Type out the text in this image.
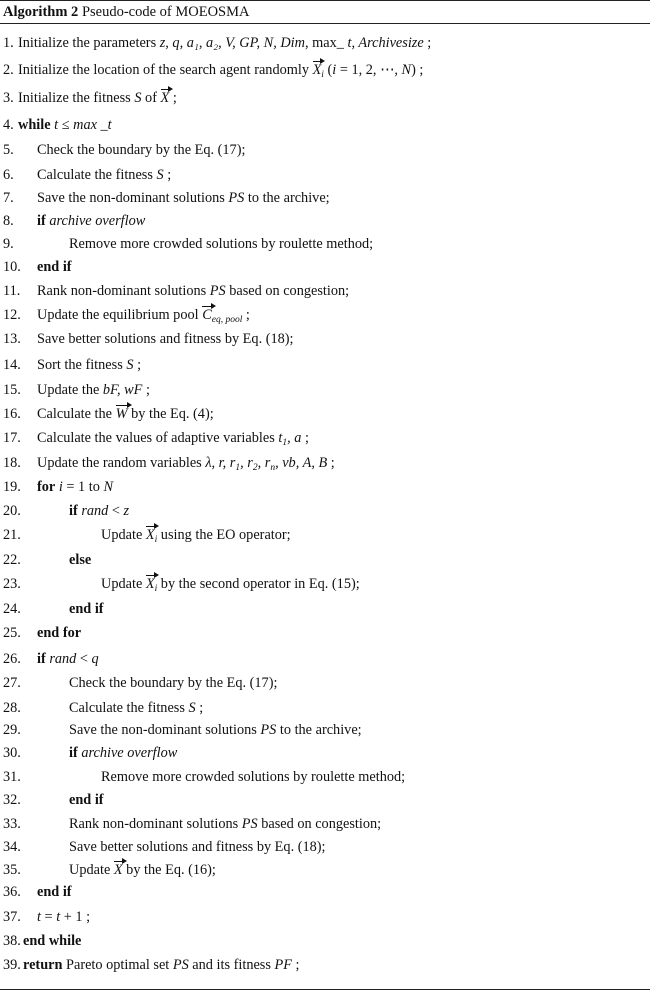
Algorithm 2 Pseudo-code of MOEOSMA
1. Initialize the parameters z, q, a₁, a₂, V, GP, N, Dim, max_ t, Archivesize ;
2. Initialize the location of the search agent randomly $X_i$ (i = 1, 2, ⋯, N) ;
3. Initialize the fitness S of X ;
4. while t ≤ max _t
5. Check the boundary by the Eq. (17);
6. Calculate the fitness S ;
7. Save the non-dominant solutions PS to the archive;
8. if archive overflow
9.	Remove more crowded solutions by roulette method;
10. end if
11. Rank non-dominant solutions PS based on congestion;
12. Update the equilibrium pool $C_{eq, pool}$ ;
13. Save better solutions and fitness by Eq. (18);
14. Sort the fitness S ;
15. Update the bF, wF ;
16. Calculate the W by the Eq. (4);
17. Calculate the values of adaptive variables $t_1$, a ;
18. Update the random variables λ, r, $r_1$, $r_2$, $r_n$, vb, A, B ;
19. for i = 1 to N
20.	if rand < z
21.	Update $X_i$ using the EO operator;
22.	else
23.	Update $X_i$ by the second operator in Eq. (15);
24.	end if
25. end for
26. if rand < q
27.	Check the boundary by the Eq. (17);
28.	Calculate the fitness S ;
29.	Save the non-dominant solutions PS to the archive;
30.	if archive overflow
31.	Remove more crowded solutions by roulette method;
32.	end if
33.	Rank non-dominant solutions PS based on congestion;
34.	Save better solutions and fitness by Eq. (18);
35.	Update X by the Eq. (16);
36. end if
37. t = t + 1 ;
38. end while
39. return Pareto optimal set PS and its fitness PF ;
